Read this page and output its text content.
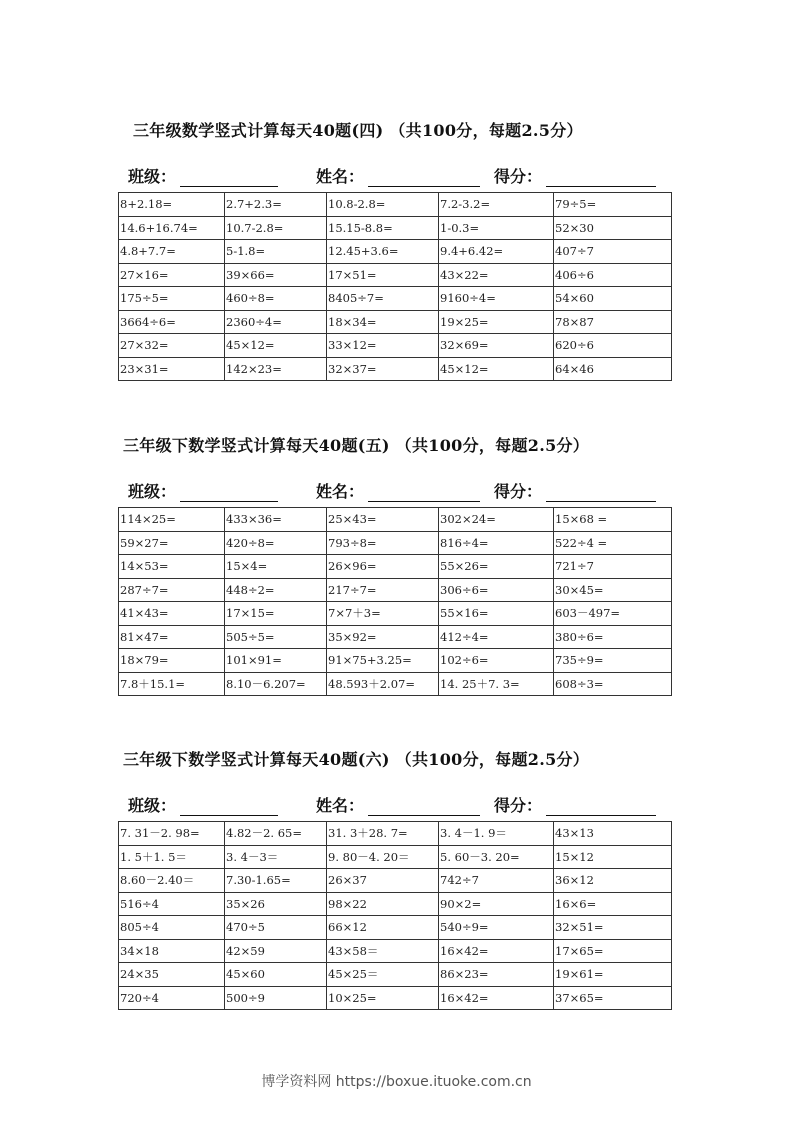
三年级数学竖式计算每天40题(四) （共100分，每题2.5分）
班级：	姓名：	得分：
8+2.18=	2.7+2.3=	10.8-2.8=	7.2-3.2=	79÷5=
14.6+16.74=	10.7-2.8=	15.15-8.8=	1-0.3=	52×30
4.8+7.7=	5-1.8=	12.45+3.6=	9.4+6.42=	407÷7
27×16=	39×66=	17×51=	43×22=	406÷6
175÷5=	460÷8=	8405÷7=	9160÷4=	54×60
3664÷6=	2360÷4=	18×34=	19×25=	78×87
27×32=	45×12=	33×12=	32×69=	620÷6
23×31=	142×23=	32×37=	45×12=	64×46
三年级下数学竖式计算每天40题(五) （共100分，每题2.5分）
班级：	姓名：	得分：
114×25=	433×36=	25×43=	302×24=	15×68 =
59×27=	420÷8=	793÷8=	816÷4=	522÷4 =
14×53=	15×4=	26×96=	55×26=	721÷7
287÷7=	448÷2=	217÷7=	306÷6=	30×45=
41×43=	17×15=	7×7＋3=	55×16=	603－497=
81×47=	505÷5=	35×92=	412÷4=	380÷6=
18×79=	101×91=	91×75+3.25=	102÷6=	735÷9=
7.8＋15.1=	8.10－6.207=	48.593＋2.07=	14. 25＋7. 3=	608÷3=
三年级下数学竖式计算每天40题(六) （共100分，每题2.5分）
班级：	姓名：	得分：
7. 31－2. 98=	4.82－2. 65=	31. 3＋28. 7=	3. 4－1. 9＝	43×13
1. 5＋1. 5＝	3. 4－3＝	9. 80－4. 20＝	5. 60－3. 20=	15×12
8.60－2.40＝	7.30-1.65=	26×37	742÷7	36×12
516÷4	35×26	98×22	90×2=	16×6=
805÷4	470÷5	66×12	540÷9=	32×51=
34×18	42×59	43×58＝	16×42=	17×65=
24×35	45×60	45×25＝	86×23=	19×61=
720÷4	500÷9	10×25=	16×42=	37×65=
博学资料网 https://boxue.ituoke.com.cn
